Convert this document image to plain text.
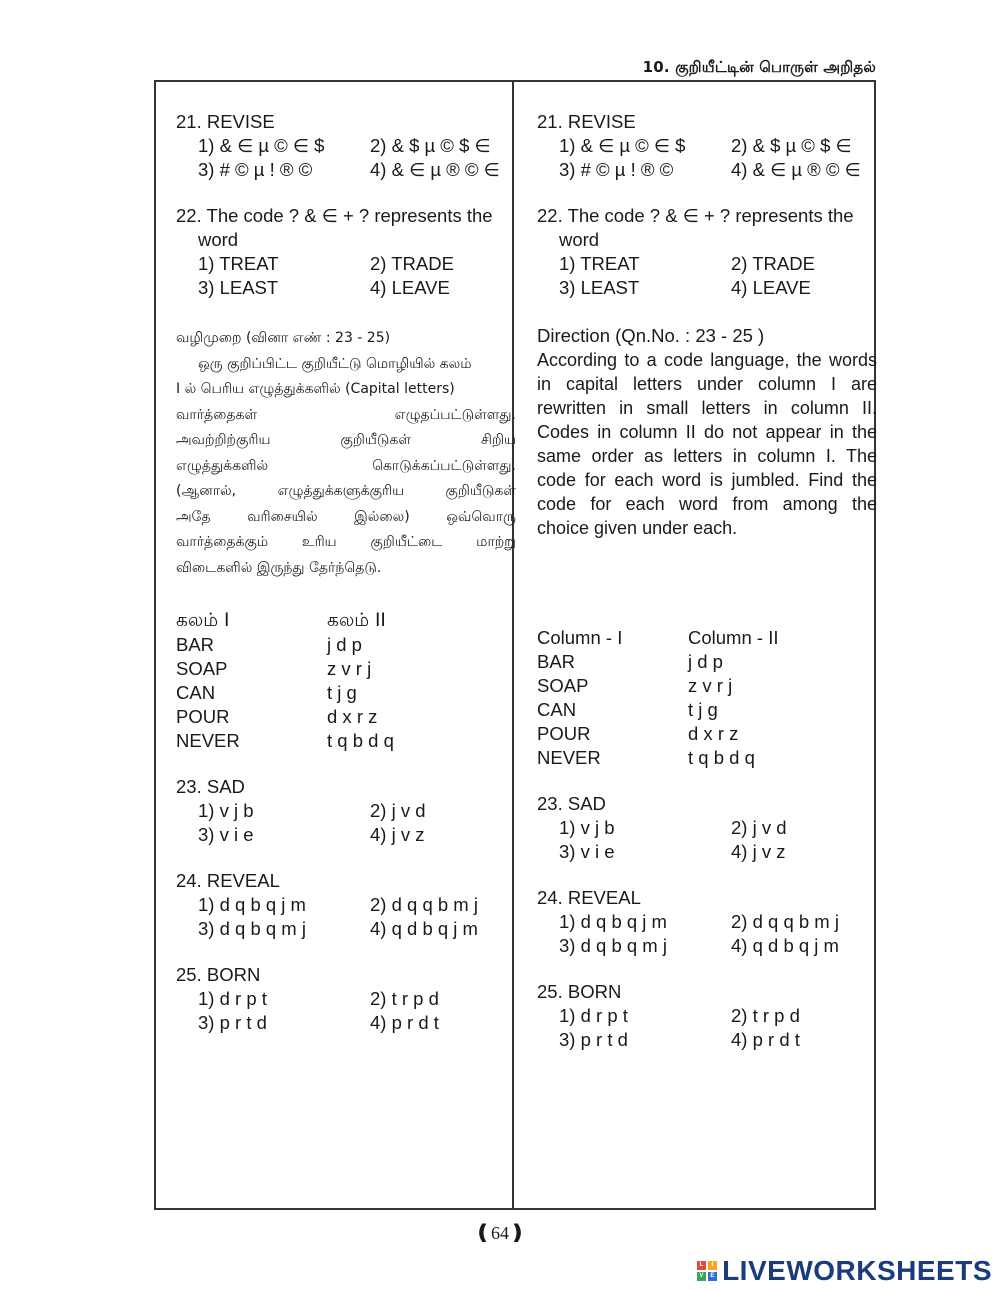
10. குறியீட்டின் பொருள் அறிதல்
21. REVISE
1) & ∈ µ © ∈ $	2) & $ µ © $ ∈
3) # © µ ! ® ©	4) & ∈ µ ® © ∈
22. The code ? & ∈ + ? represents the
word
1) TREAT	2) TRADE
3) LEAST	4) LEAVE
வழிமுறை (வினா எண் : 23 - 25)
ஒரு குறிப்பிட்ட குறியீட்டு மொழியில் கலம்
I ல் பெரிய எழுத்துக்களில் (Capital letters)
வார்த்தைகள் எழுதப்பட்டுள்ளது.
அவற்றிற்குரிய குறியீடுகள் சிறிய
எழுத்துக்களில் கொடுக்கப்பட்டுள்ளது.
(ஆனால், எழுத்துக்களுக்குரிய குறியீடுகள்
அதே வரிசையில் இல்லை) ஒவ்வொரு
வார்த்தைக்கும் உரிய குறியீட்டை மாற்று
விடைகளில் இருந்து தேர்ந்தெடு.
கலம் I	கலம் II
BAR	j d p
SOAP	z v r j
CAN	t j g
POUR	d x r z
NEVER	t q b d q
23. SAD
1) v j b	2) j v d
3) v i e	4) j v z
24. REVEAL
1) d q b q j m	2) d q q b m j
3) d q b q m j	4) q d b q j m
25. BORN
1) d r p t	2) t r p d
3) p r t d	4) p r d t
21. REVISE
1) & ∈ µ © ∈ $	2) & $ µ © $ ∈
3) # © µ ! ® ©	4) & ∈ µ ® © ∈
22. The code ? & ∈ + ? represents the
word
1) TREAT	2) TRADE
3) LEAST	4) LEAVE
Direction (Qn.No. : 23 - 25 )
According to a code language, the words in capital letters under column I are rewritten in small letters in column II. Codes in column II do not appear in the same order as letters in column I. The code for each word is jumbled. Find the code for each word from among the choice given under each.
Column - I	Column - II
BAR	j d p
SOAP	z v r j
CAN	t j g
POUR	d x r z
NEVER	t q b d q
23. SAD
1) v j b	2) j v d
3) v i e	4) j v z
24. REVEAL
1) d q b q j m	2) d q q b m j
3) d q b q m j	4) q d b q j m
25. BORN
1) d r p t	2) t r p d
3) p r t d	4) p r d t
❪64❫
L	I
V	E LIVEWORKSHEETS
